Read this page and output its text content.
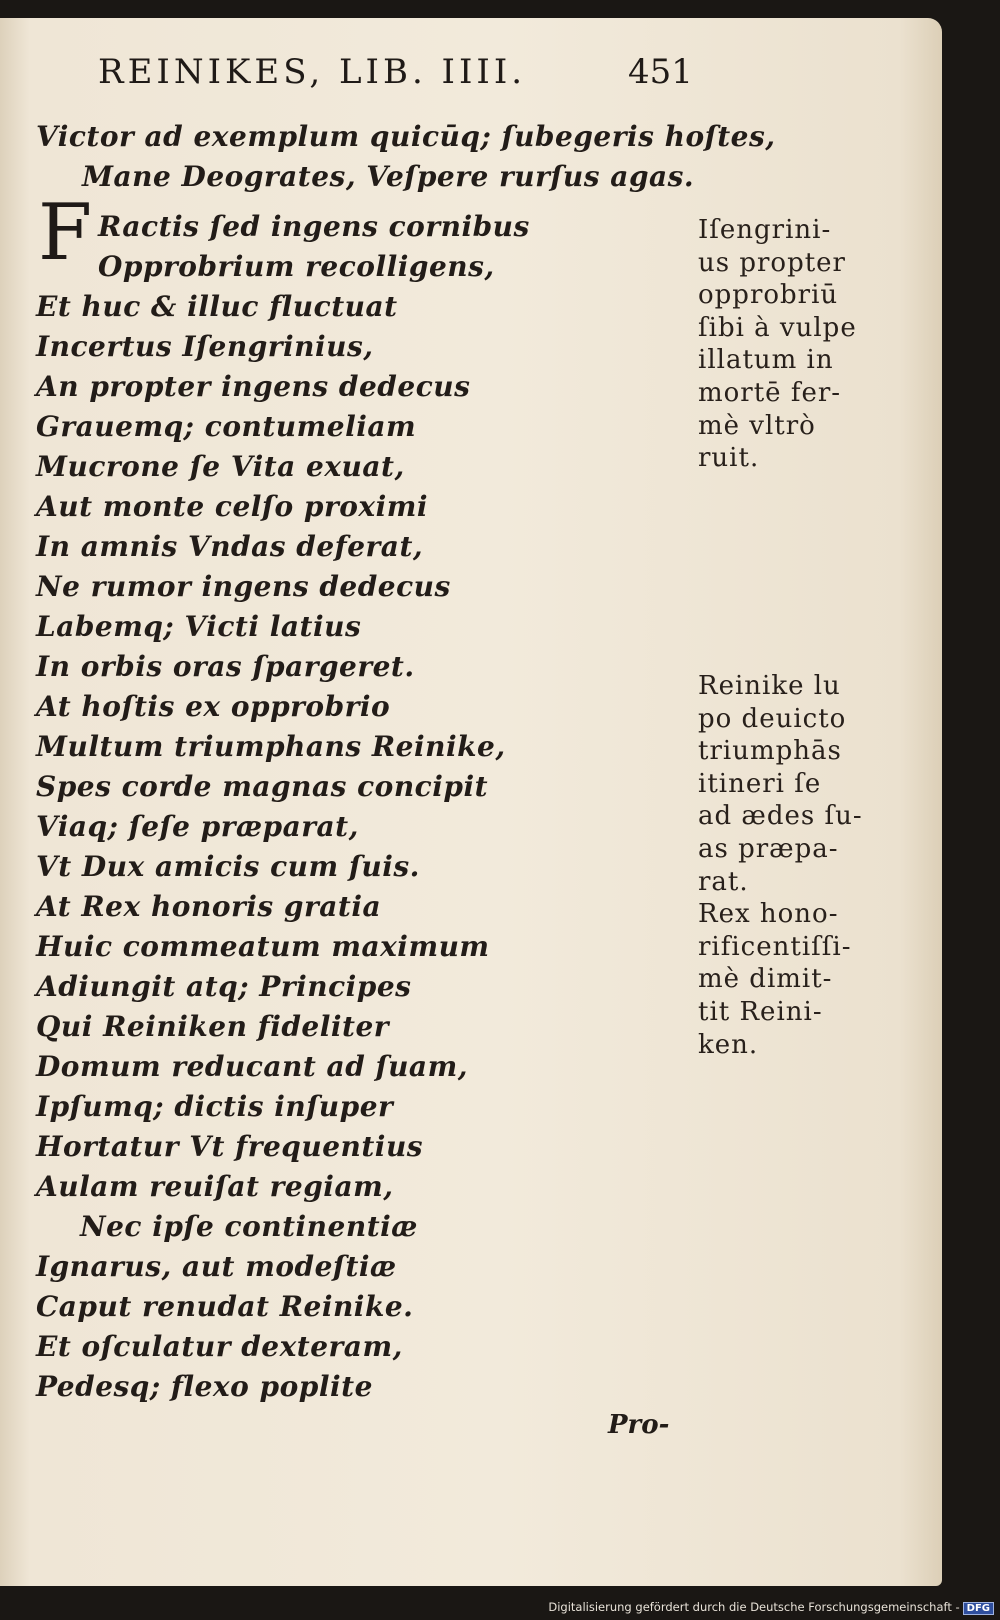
REINIKES, LIB. IIII.	451

Victor ad exemplum quicūq; ſubegeris hoſtes,

Mane Deogrates, Veſpere rurſus agas.

F Ractis ſed ingens cornibus

Opprobrium recolligens,

Et huc & illuc fluctuat

Incertus Iſengrinius,

An propter ingens dedecus

Grauemq; contumeliam

Mucrone ſe Vita exuat,

Aut monte celſo proximi

In amnis Vndas deferat,

Ne rumor ingens dedecus

Labemq; Victi latius

In orbis oras ſpargeret.

At hoſtis ex opprobrio

Multum triumphans Reinike,

Spes corde magnas concipit

Viaq; ſeſe præparat,

Vt Dux amicis cum ſuis.

At Rex honoris gratia

Huic commeatum maximum

Adiungit atq; Principes

Qui Reiniken fideliter

Domum reducant ad ſuam,

Ipſumq; dictis inſuper

Hortatur Vt frequentius

Aulam reuiſat regiam,

Nec ipſe continentiæ

Ignarus, aut modeſtiæ

Caput renudat Reinike.

Et oſculatur dexteram,

Pedesq; flexo poplite

Iſengrini-
us propter
opprobriū
ſibi à vulpe
illatum in
mortē fer-
mè vltrò
ruit.
Reinike lu
po deuicto
triumphās
itineri ſe
ad ædes ſu-
as præpa-
rat.
Rex hono-
rificentiſſi-
mè dimit-
tit Reini-
ken.
Pro-
Digitalisierung gefördert durch die Deutsche Forschungsgemeinschaft - DFG
